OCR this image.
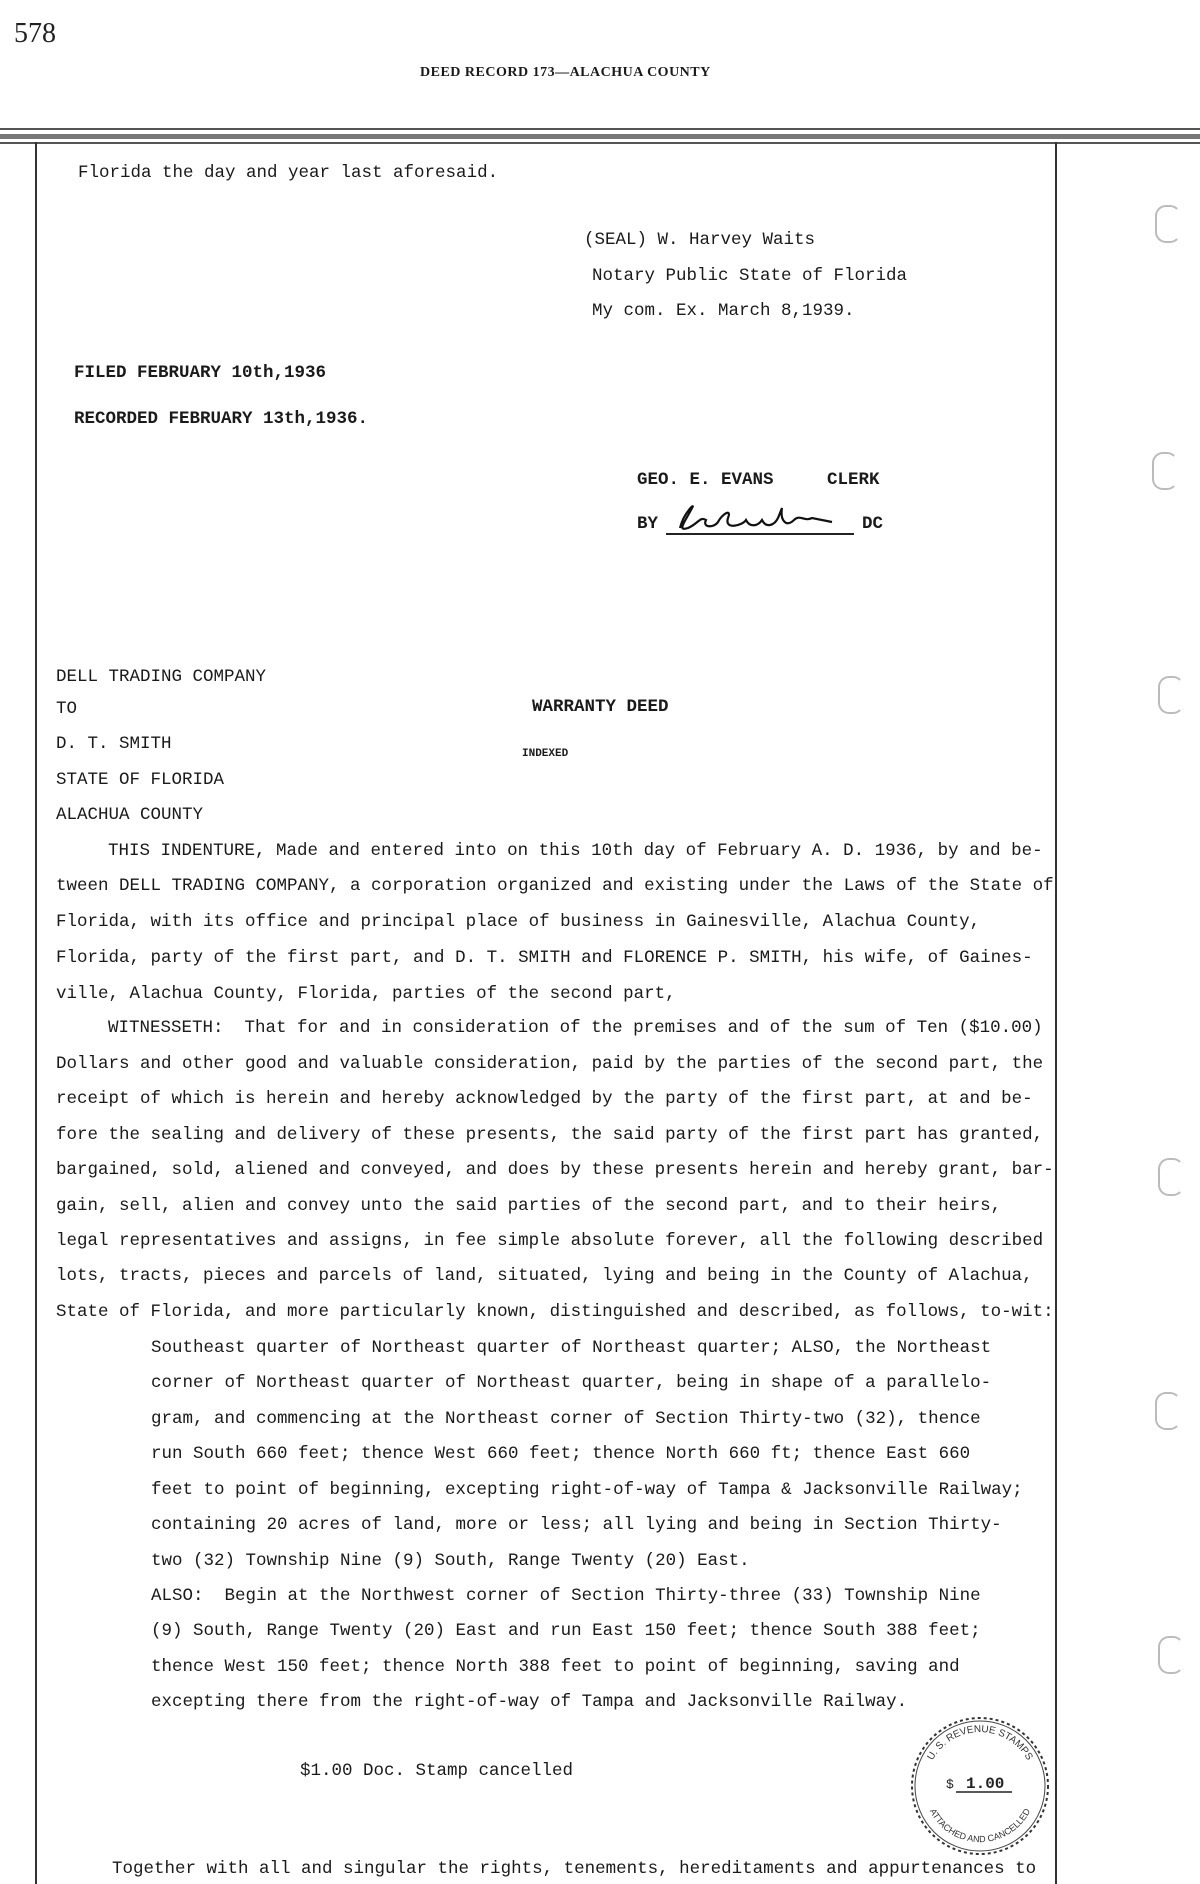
578
DEED RECORD 173—ALACHUA COUNTY
Florida the day and year last aforesaid.
(SEAL) W. Harvey Waits
Notary Public State of Florida
My com. Ex. March 8,1939.
FILED FEBRUARY 10th,1936
RECORDED FEBRUARY 13th,1936.
GEO. E. EVANS	CLERK
BY	DC
DELL TRADING COMPANY
TO
D. T. SMITH
STATE OF FLORIDA
ALACHUA COUNTY
WARRANTY DEED
INDEXED
THIS INDENTURE, Made and entered into on this 10th day of February A. D. 1936, by and be-
tween DELL TRADING COMPANY, a corporation organized and existing under the Laws of the State of
Florida, with its office and principal place of business in Gainesville, Alachua County,
Florida, party of the first part, and D. T. SMITH and FLORENCE P. SMITH, his wife, of Gaines-
ville, Alachua County, Florida, parties of the second part,
WITNESSETH:  That for and in consideration of the premises and of the sum of Ten ($10.00)
Dollars and other good and valuable consideration, paid by the parties of the second part, the
receipt of which is herein and hereby acknowledged by the party of the first part, at and be-
fore the sealing and delivery of these presents, the said party of the first part has granted,
bargained, sold, aliened and conveyed, and does by these presents herein and hereby grant, bar-
gain, sell, alien and convey unto the said parties of the second part, and to their heirs,
legal representatives and assigns, in fee simple absolute forever, all the following described
lots, tracts, pieces and parcels of land, situated, lying and being in the County of Alachua,
State of Florida, and more particularly known, distinguished and described, as follows, to-wit:
Southeast quarter of Northeast quarter of Northeast quarter; ALSO, the Northeast
corner of Northeast quarter of Northeast quarter, being in shape of a parallelo-
gram, and commencing at the Northeast corner of Section Thirty-two (32), thence
run South 660 feet; thence West 660 feet; thence North 660 ft; thence East 660
feet to point of beginning, excepting right-of-way of Tampa & Jacksonville Railway;
containing 20 acres of land, more or less; all lying and being in Section Thirty-
two (32) Township Nine (9) South, Range Twenty (20) East.
ALSO:  Begin at the Northwest corner of Section Thirty-three (33) Township Nine
(9) South, Range Twenty (20) East and run East 150 feet; thence South 388 feet;
thence West 150 feet; thence North 388 feet to point of beginning, saving and
excepting there from the right-of-way of Tampa and Jacksonville Railway.
$1.00 Doc. Stamp cancelled
U. S. REVENUE STAMPS
ATTACHED AND CANCELLED
$ 1.00
Together with all and singular the rights, tenements, hereditaments and appurtenances to
